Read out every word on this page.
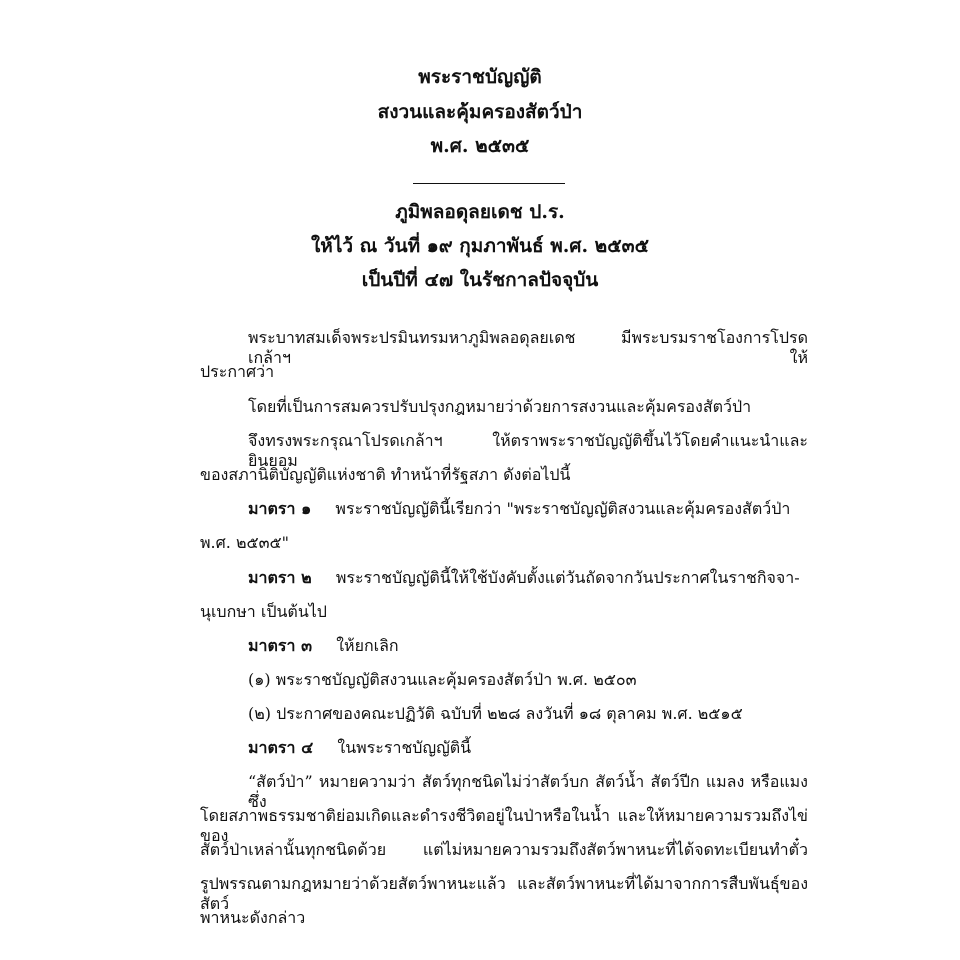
พระราชบัญญัติ
สงวนและคุ้มครองสัตว์ป่า
พ.ศ. ๒๕๓๕
ภูมิพลอดุลยเดช ป.ร.
ให้ไว้ ณ วันที่ ๑๙ กุมภาพันธ์ พ.ศ. ๒๕๓๕
เป็นปีที่ ๔๗ ในรัชกาลปัจจุบัน
พระบาทสมเด็จพระปรมินทรมหาภูมิพลอดุลยเดช มีพระบรมราชโองการโปรดเกล้าฯ ให้
ประกาศว่า
โดยที่เป็นการสมควรปรับปรุงกฎหมายว่าด้วยการสงวนและคุ้มครองสัตว์ป่า
จึงทรงพระกรุณาโปรดเกล้าฯ ให้ตราพระราชบัญญัติขึ้นไว้โดยคำแนะนำและยินยอม
ของสภานิติบัญญัติแห่งชาติ ทำหน้าที่รัฐสภา ดังต่อไปนี้
มาตรา ๑ พระราชบัญญัตินี้เรียกว่า "พระราชบัญญัติสงวนและคุ้มครองสัตว์ป่า
พ.ศ. ๒๕๓๕"
มาตรา ๒ พระราชบัญญัตินี้ให้ใช้บังคับตั้งแต่วันถัดจากวันประกาศในราชกิจจา-
นุเบกษา เป็นต้นไป
มาตรา ๓ ให้ยกเลิก
(๑) พระราชบัญญัติสงวนและคุ้มครองสัตว์ป่า พ.ศ. ๒๕๐๓
(๒) ประกาศของคณะปฏิวัติ ฉบับที่ ๒๒๘ ลงวันที่ ๑๘ ตุลาคม พ.ศ. ๒๕๑๕
มาตรา ๔ ในพระราชบัญญัตินี้
“สัตว์ป่า” หมายความว่า สัตว์ทุกชนิดไม่ว่าสัตว์บก สัตว์น้ำ สัตว์ปีก แมลง หรือแมง ซึ่ง
โดยสภาพธรรมชาติย่อมเกิดและดำรงชีวิตอยู่ในป่าหรือในน้ำ และให้หมายความรวมถึงไข่ของ
สัตว์ป่าเหล่านั้นทุกชนิดด้วย แต่ไม่หมายความรวมถึงสัตว์พาหนะที่ได้จดทะเบียนทำตั๋ว
รูปพรรณตามกฎหมายว่าด้วยสัตว์พาหนะแล้ว และสัตว์พาหนะที่ได้มาจากการสืบพันธุ์ของสัตว์
พาหนะดังกล่าว
